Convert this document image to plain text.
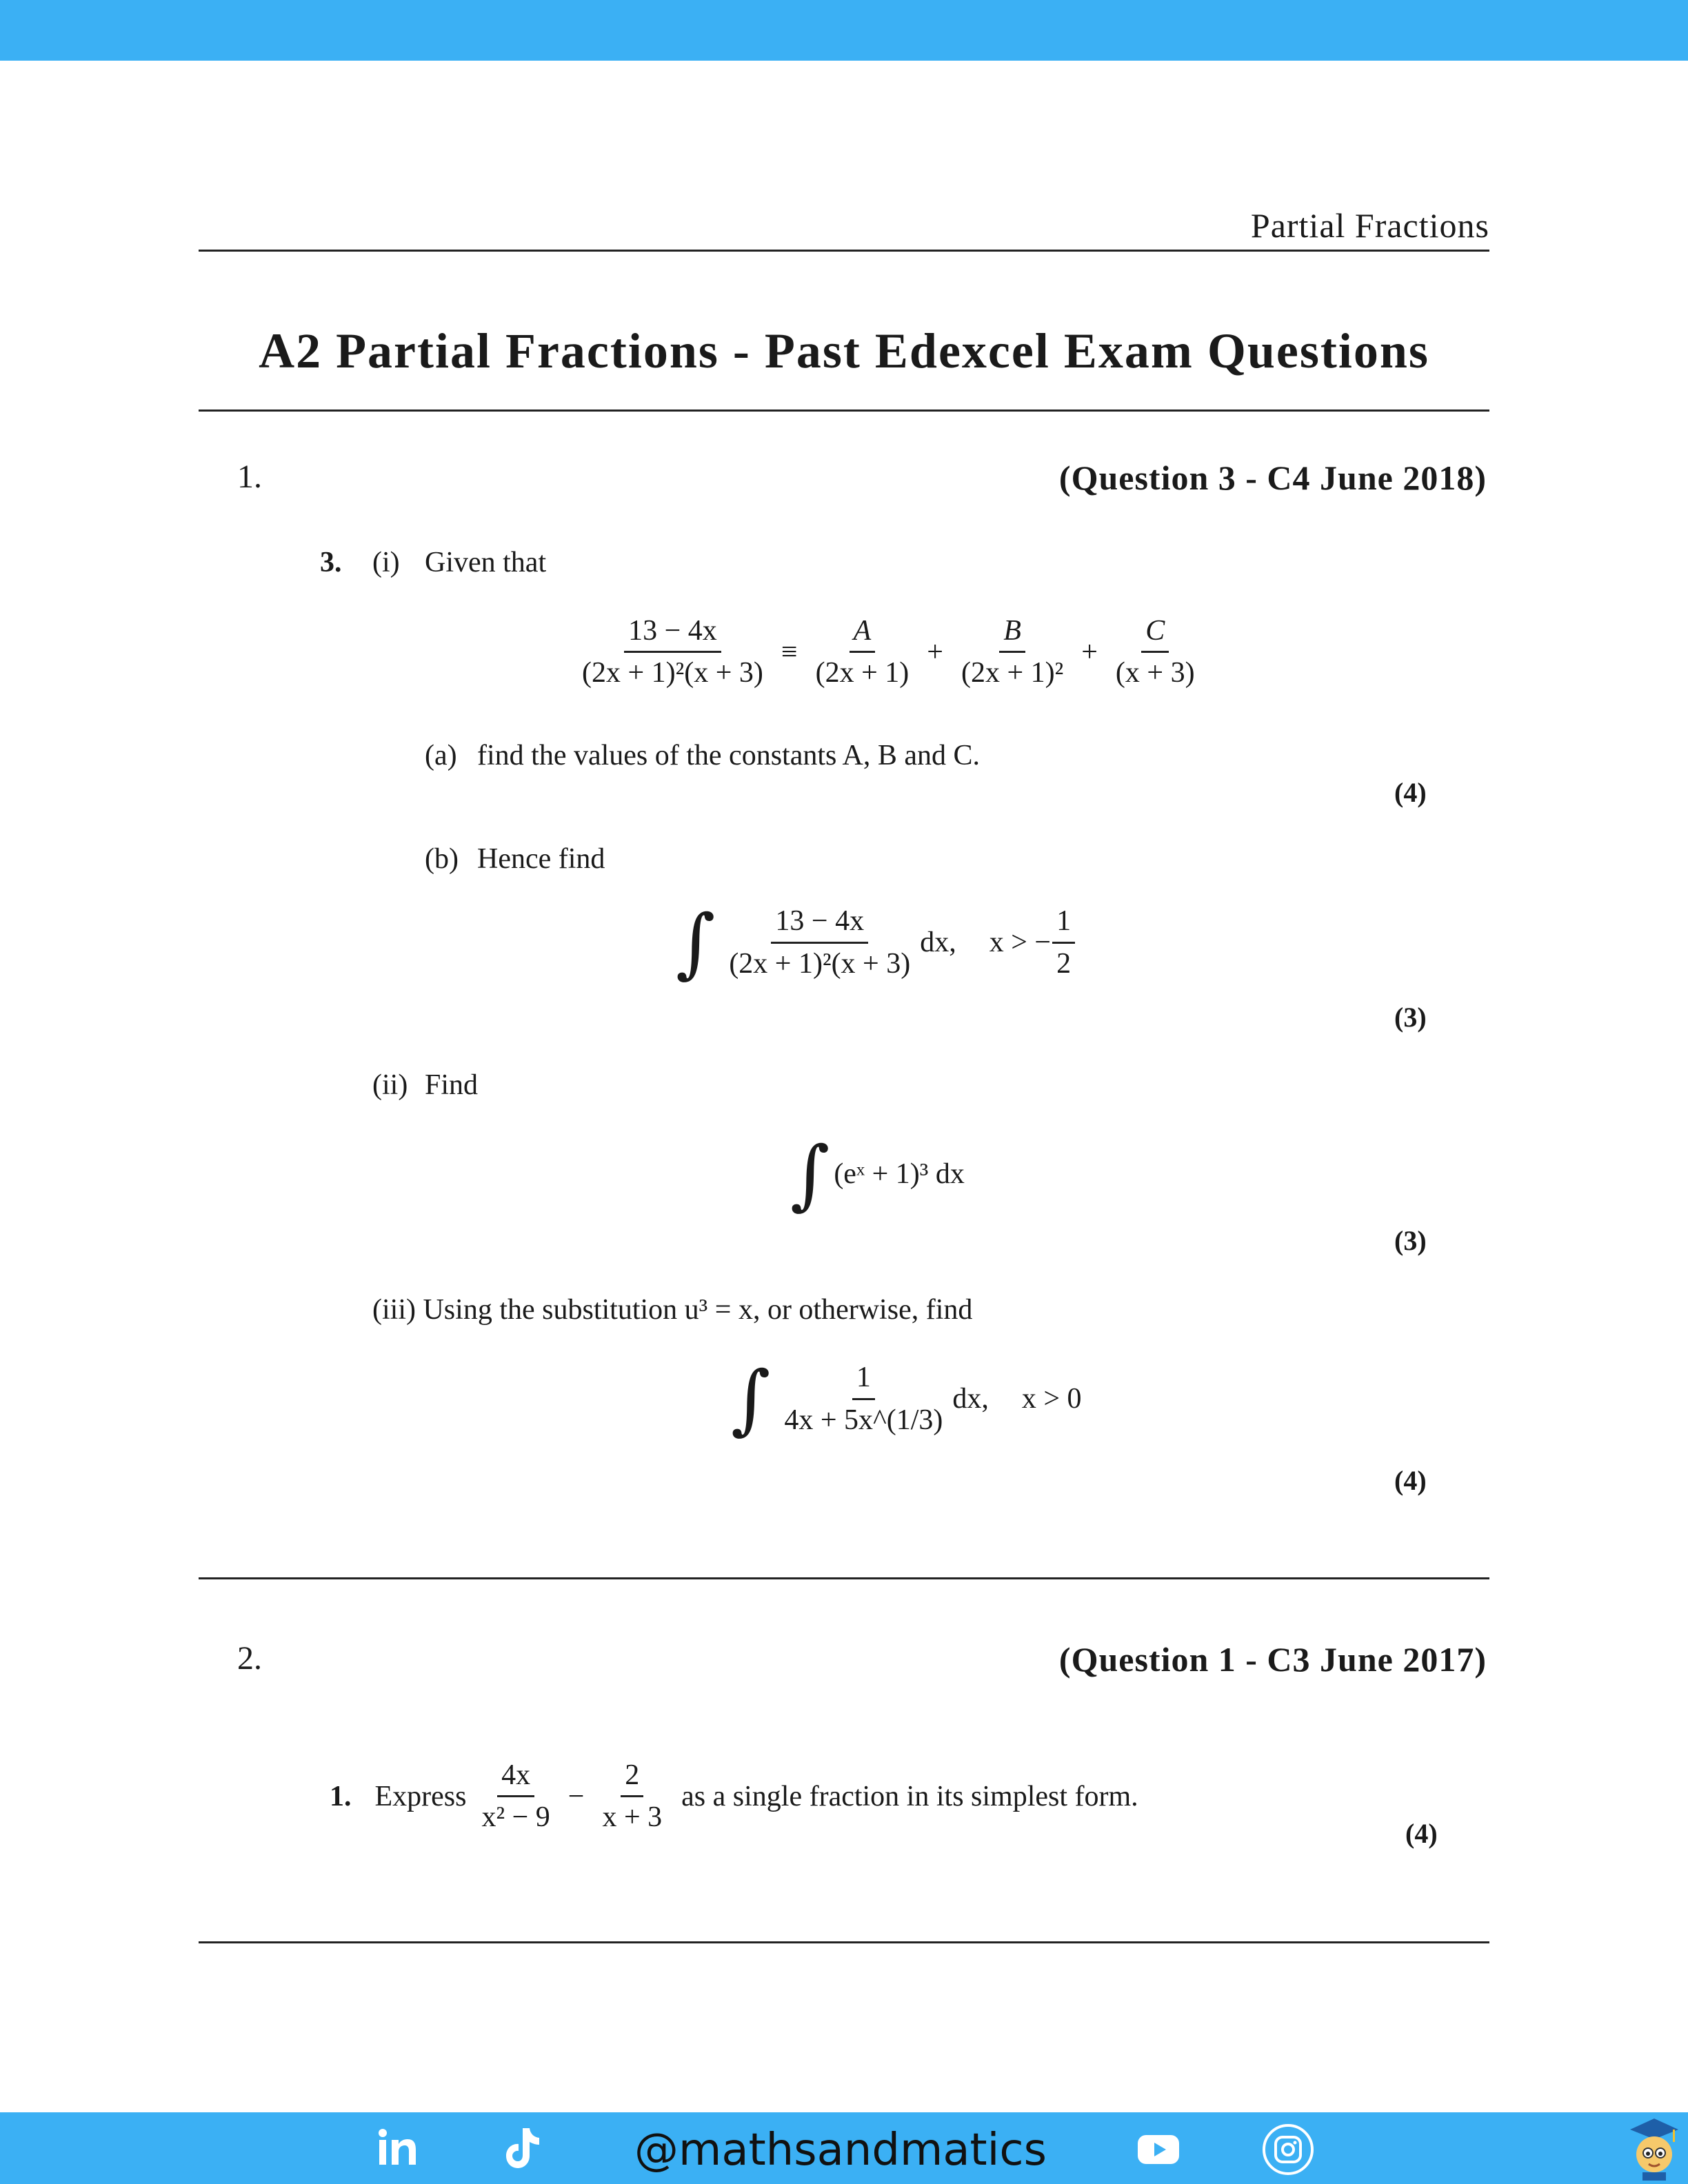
Partial Fractions
A2 Partial Fractions - Past Edexcel Exam Questions
1.	(Question 3 - C4 June 2018)
3. (i) Given that
$\frac{13 - 4x}{\text{(2x + 1)²(x + 3)}} \equiv \frac{A}{(2x + 1)} + \frac{B}{\text{(2x + 1)²}} + \frac{C}{(x + 3)}$
(a) find the values of the constants A, B and C.
(4)
(b) Hence find
∫ $\frac{13 - 4x}{\text{(2x + 1)²(x + 3)}}$ dx, x > − $\frac{1}{2}$
(3)
(ii) Find
∫ (eˣ + 1)³ dx
(3)
(iii) Using the substitution u³ = x, or otherwise, find
∫ $\frac{1}{4x + 5x\^{}(1/3)}$ dx, x > 0
(4)
2.	(Question 1 - C3 June 2017)
1. Express $\frac{4x}{\text{x² − 9}} - \frac{2}{x + 3}$ as a single fraction in its simplest form.
(4)
@mathsandmatics
